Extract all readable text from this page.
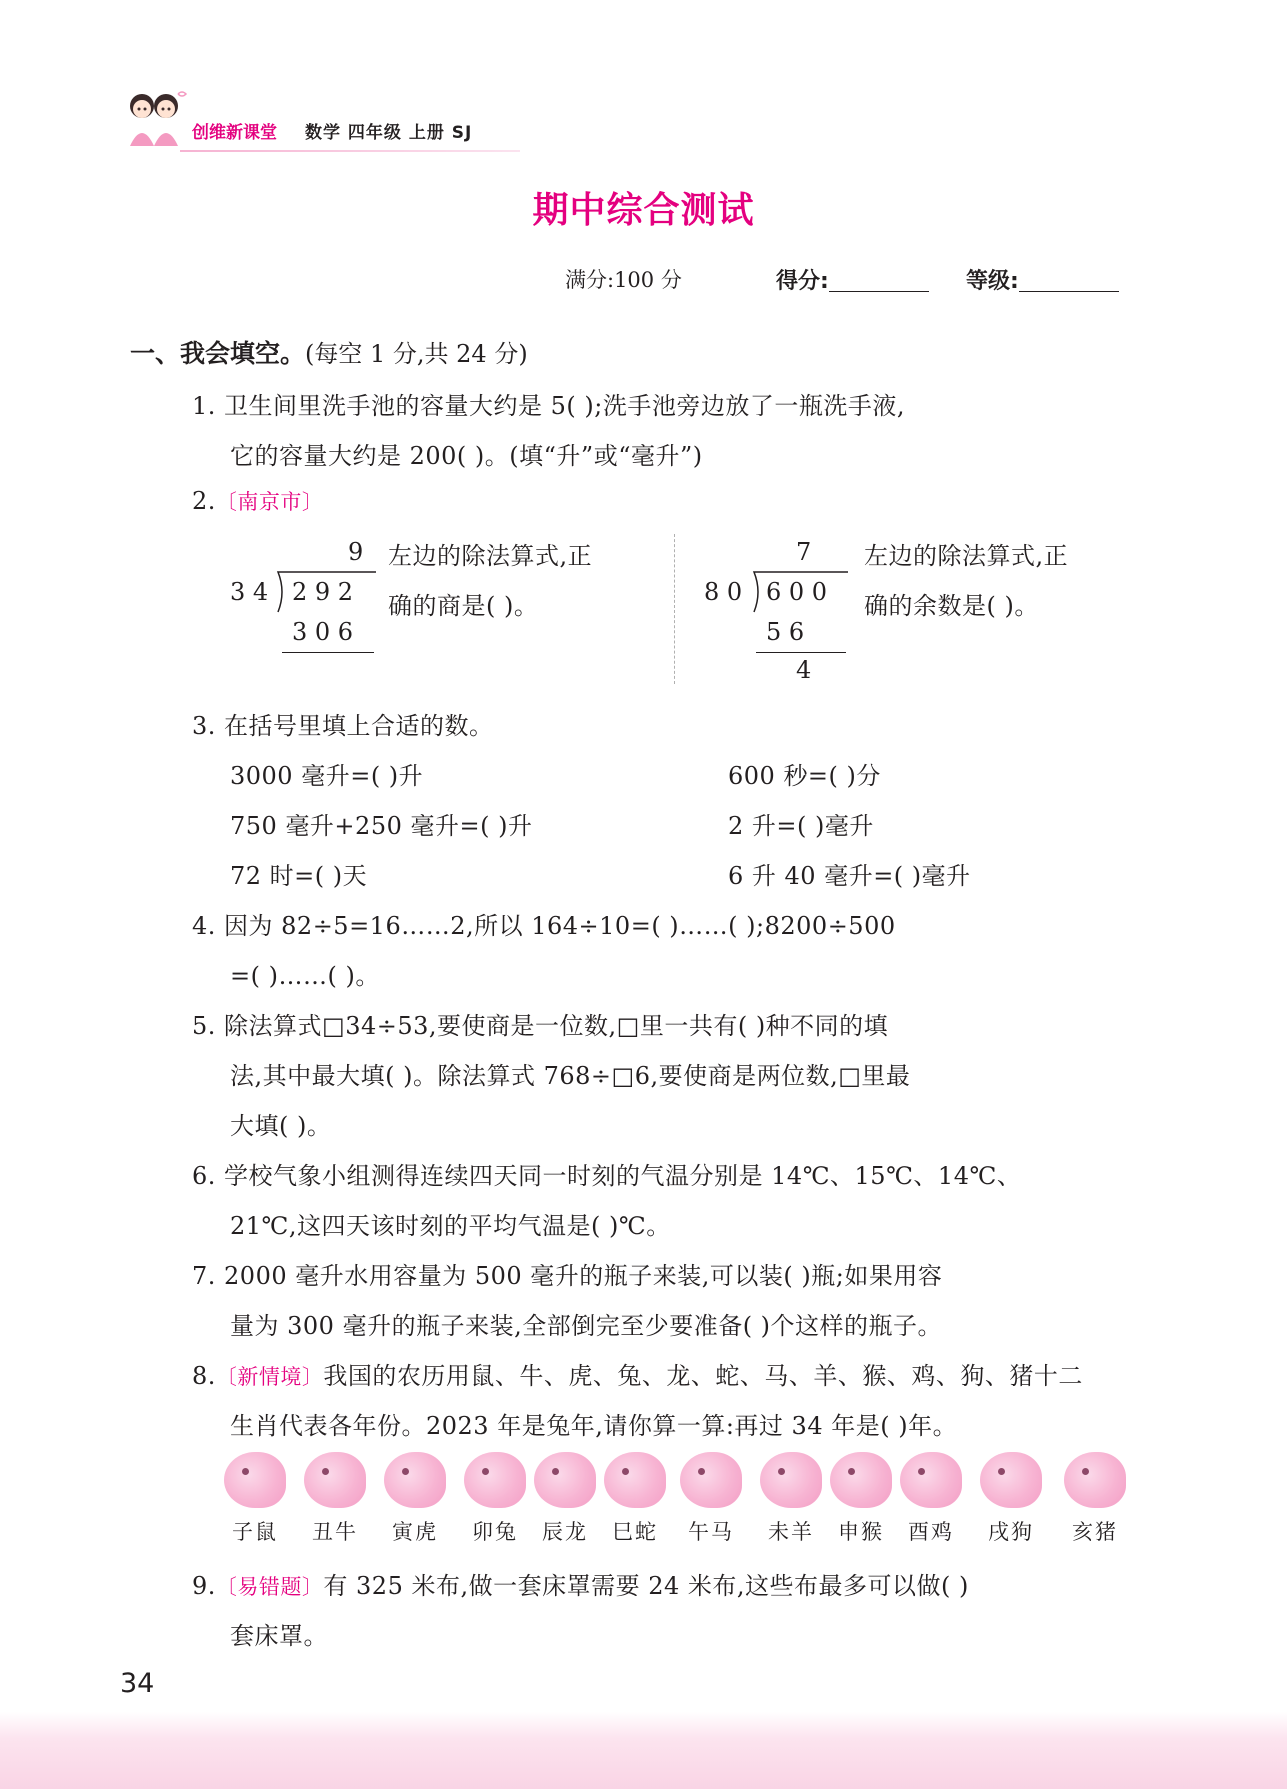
创维新课堂 数学 四年级 上册 SJ
期中综合测试
满分:100 分	得分:	等级:
一、我会填空。(每空 1 分,共 24 分)
1. 卫生间里洗手池的容量大约是 5( );洗手池旁边放了一瓶洗手液,
它的容量大约是 200( )。(填“升”或“毫升”)
2.〔南京市〕
9
3 4 2 9 2
3 0 6
左边的除法算式,正
确的商是( )。
7
8 0 6 0 0
5 6
4
左边的除法算式,正
确的余数是( )。
3. 在括号里填上合适的数。
3000 毫升=( )升	600 秒=( )分
750 毫升+250 毫升=( )升	2 升=( )毫升
72 时=( )天	6 升 40 毫升=( )毫升
4. 因为 82÷5=16……2,所以 164÷10=( )……( );8200÷500
=( )……( )。
5. 除法算式□34÷53,要使商是一位数,□里一共有( )种不同的填
法,其中最大填( )。除法算式 768÷□6,要使商是两位数,□里最
大填( )。
6. 学校气象小组测得连续四天同一时刻的气温分别是 14℃、15℃、14℃、
21℃,这四天该时刻的平均气温是( )℃。
7. 2000 毫升水用容量为 500 毫升的瓶子来装,可以装( )瓶;如果用容
量为 300 毫升的瓶子来装,全部倒完至少要准备( )个这样的瓶子。
8.〔新情境〕我国的农历用鼠、牛、虎、兔、龙、蛇、马、羊、猴、鸡、狗、猪十二
生肖代表各年份。2023 年是兔年,请你算一算:再过 34 年是( )年。
子鼠	丑牛	寅虎	卯兔	辰龙	巳蛇	午马	未羊	申猴	酉鸡	戌狗	亥猪
9.〔易错题〕有 325 米布,做一套床罩需要 24 米布,这些布最多可以做( )
套床罩。
34
